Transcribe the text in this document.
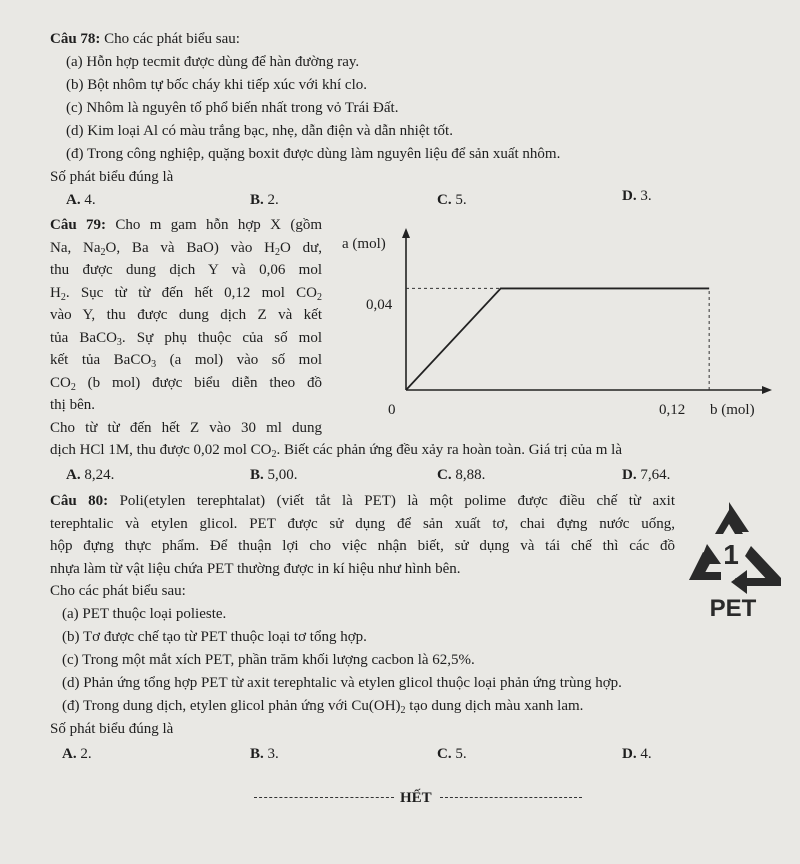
Câu 78: Cho các phát biểu sau:
(a) Hỗn hợp tecmit được dùng để hàn đường ray.
(b) Bột nhôm tự bốc cháy khi tiếp xúc với khí clo.
(c) Nhôm là nguyên tố phổ biến nhất trong vỏ Trái Đất.
(d) Kim loại Al có màu trắng bạc, nhẹ, dẫn điện và dẫn nhiệt tốt.
(đ) Trong công nghiệp, quặng boxit được dùng làm nguyên liệu để sản xuất nhôm.
Số phát biểu đúng là
A. 4.	B. 2.	C. 5.	D. 3.
Câu 79: Cho m gam hỗn hợp X (gồm
Na, $Na_2O$, Ba và BaO) vào $H_2O$ dư,
thu được dung dịch Y và 0,06 mol
$H_2$. Sục từ từ đến hết 0,12 mol $CO_2$
vào Y, thu được dung dịch Z và kết
tủa BaCO$_3$. Sự phụ thuộc của số mol
kết tủa BaCO$_3$ (a mol) vào số mol
$CO_2$ (b mol) được biểu diễn theo đồ
thị bên.
Cho từ từ đến hết Z vào 30 ml dung
dịch HCl 1M, thu được 0,02 mol $CO_2$. Biết các phản ứng đều xảy ra hoàn toàn. Giá trị của m là
A. 8,24.	B. 5,00.	C. 8,88.	D. 7,64.
a (mol)
b (mol)
0
0,04
0,12
Câu 80: Poli(etylen terephtalat) (viết tắt là PET) là một polime được điều chế từ axit
terephtalic và etylen glicol. PET được sử dụng để sản xuất tơ, chai đựng nước uống,
hộp đựng thực phẩm. Để thuận lợi cho việc nhận biết, sử dụng và tái chế thì các đồ
nhựa làm từ vật liệu chứa PET thường được in kí hiệu như hình bên.
Cho các phát biểu sau:
(a) PET thuộc loại polieste.
(b) Tơ được chế tạo từ PET thuộc loại tơ tổng hợp.
(c) Trong một mắt xích PET, phần trăm khối lượng cacbon là 62,5%.
(d) Phản ứng tổng hợp PET từ axit terephtalic và etylen glicol thuộc loại phản ứng trùng hợp.
(đ) Trong dung dịch, etylen glicol phản ứng với $Cu(OH)_2$ tạo dung dịch màu xanh lam.
Số phát biểu đúng là
A. 2.	B. 3.	C. 5.	D. 4.
1
PET
HẾT
